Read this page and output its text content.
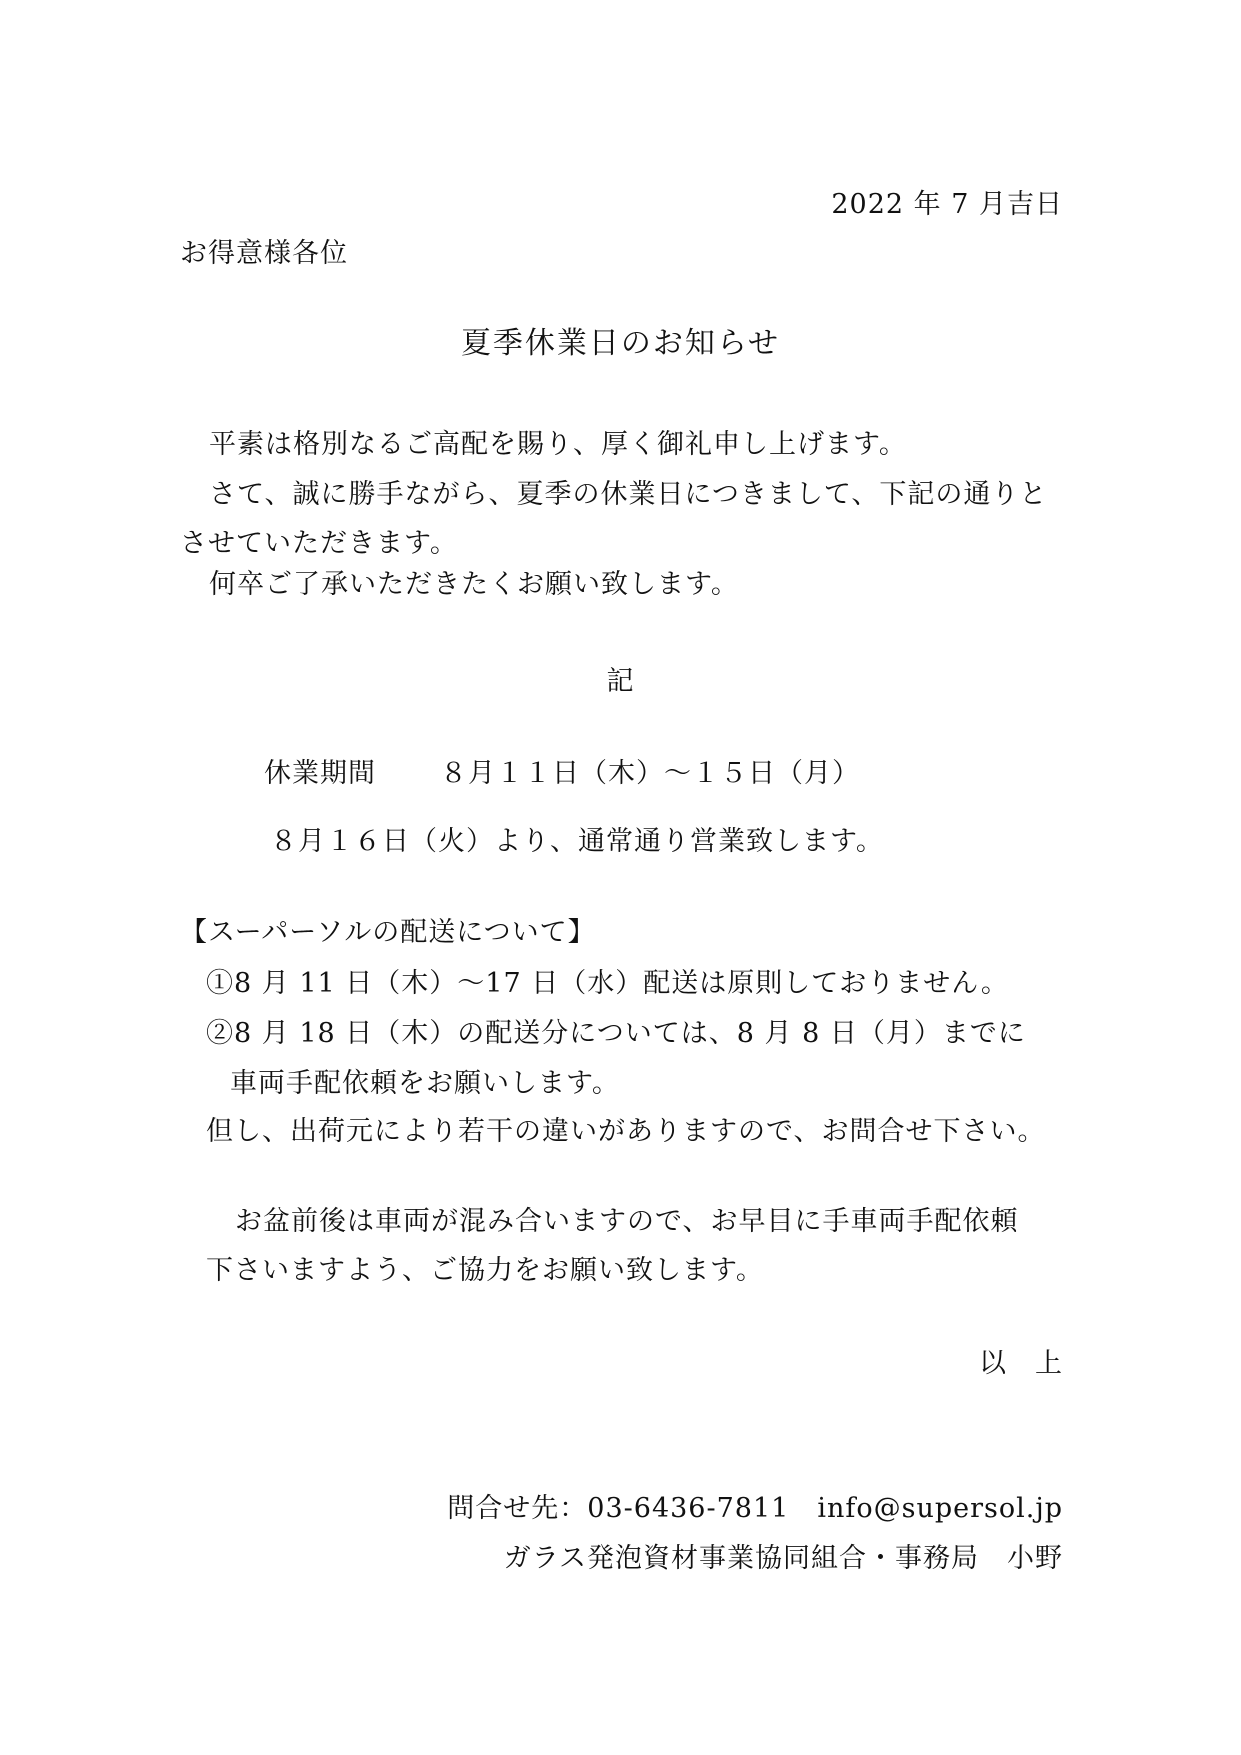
2022 年 7 月吉日
お得意様各位
夏季休業日のお知らせ
平素は格別なるご高配を賜り、厚く御礼申し上げます。
さて、誠に勝手ながら、夏季の休業日につきまして、下記の通りと
させていただきます。
何卒ご了承いただきたくお願い致します。
記
休業期間 ８月１１日（木）～１５日（月）
８月１６日（火）より、通常通り営業致します。
【スーパーソルの配送について】
①8 月 11 日（木）～17 日（水）配送は原則しておりません。
②8 月 18 日（木）の配送分については、8 月 8 日（月）までに
車両手配依頼をお願いします。
但し、出荷元により若干の違いがありますので、お問合せ下さい。
お盆前後は車両が混み合いますので、お早目に手車両手配依頼
下さいますよう、ご協力をお願い致します。
以　上
問合せ先：03-6436-7811　info@supersol.jp
ガラス発泡資材事業協同組合・事務局　小野
